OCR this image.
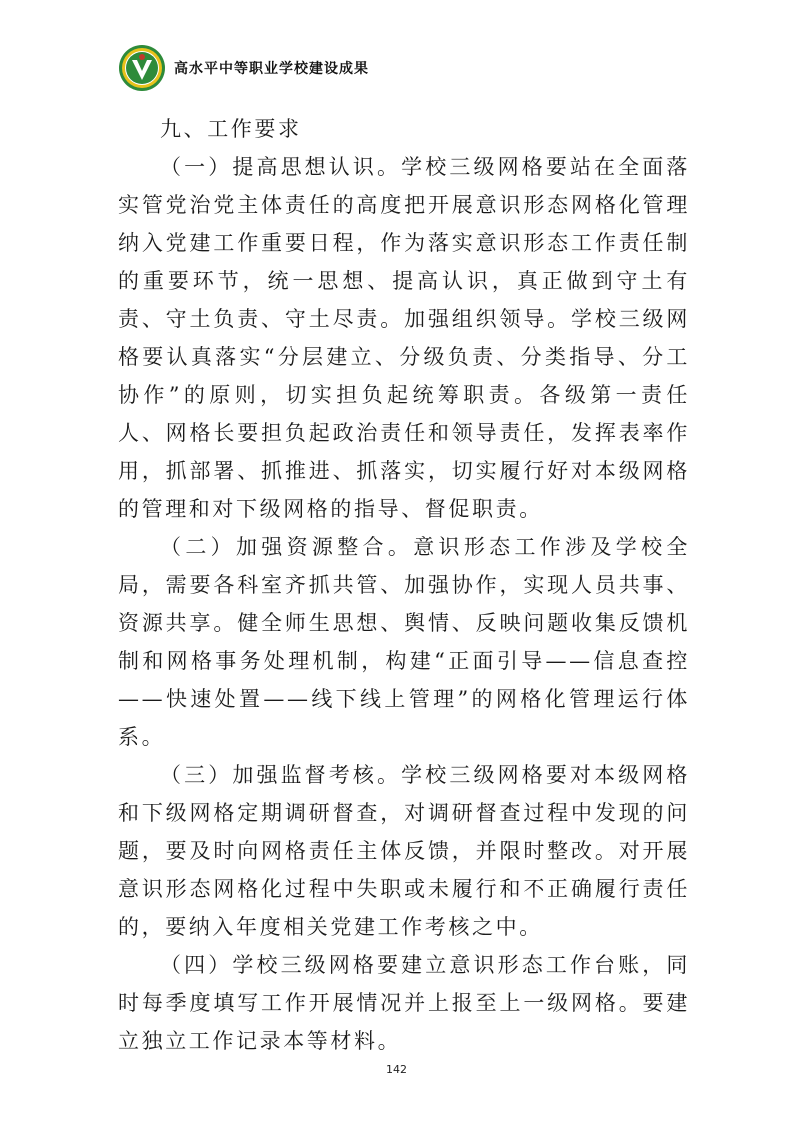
高水平中等职业学校建设成果

九、工作要求

（一）提高思想认识。学校三级网格要站在全面落实管党治党主体责任的高度把开展意识形态网格化管理纳入党建工作重要日程，作为落实意识形态工作责任制的重要环节，统一思想、提高认识，真正做到守土有责、守土负责、守土尽责。加强组织领导。学校三级网格要认真落实“分层建立、分级负责、分类指导、分工协作”的原则，切实担负起统筹职责。各级第一责任人、网格长要担负起政治责任和领导责任，发挥表率作用，抓部署、抓推进、抓落实，切实履行好对本级网格的管理和对下级网格的指导、督促职责。

（二）加强资源整合。意识形态工作涉及学校全局，需要各科室齐抓共管、加强协作，实现人员共事、资源共享。健全师生思想、舆情、反映问题收集反馈机制和网格事务处理机制，构建“正面引导——信息查控——快速处置——线下线上管理”的网格化管理运行体系。

（三）加强监督考核。学校三级网格要对本级网格和下级网格定期调研督查，对调研督查过程中发现的问题，要及时向网格责任主体反馈，并限时整改。对开展意识形态网格化过程中失职或未履行和不正确履行责任的，要纳入年度相关党建工作考核之中。

（四）学校三级网格要建立意识形态工作台账，同时每季度填写工作开展情况并上报至上一级网格。要建立独立工作记录本等材料。

142
